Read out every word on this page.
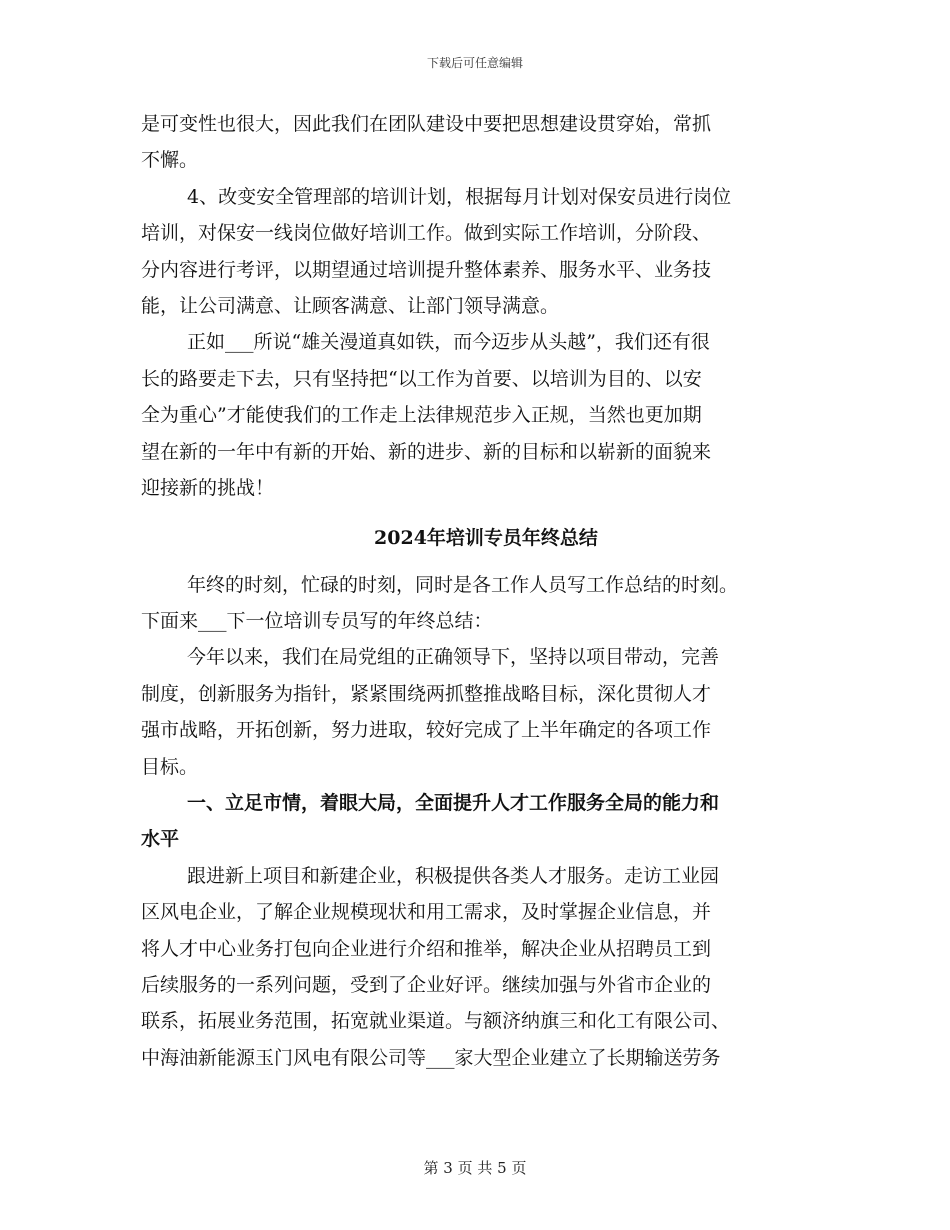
下载后可任意编辑
是可变性也很大，因此我们在团队建设中要把思想建设贯穿始，常抓
不懈。
4、改变安全管理部的培训计划，根据每月计划对保安员进行岗位
培训，对保安一线岗位做好培训工作。做到实际工作培训，分阶段、
分内容进行考评，以期望通过培训提升整体素养、服务水平、业务技
能，让公司满意、让顾客满意、让部门领导满意。
正如___所说“雄关漫道真如铁，而今迈步从头越”，我们还有很
长的路要走下去，只有坚持把“以工作为首要、以培训为目的、以安
全为重心”才能使我们的工作走上法律规范步入正规，当然也更加期
望在新的一年中有新的开始、新的进步、新的目标和以崭新的面貌来
迎接新的挑战！
2024年培训专员年终总结
年终的时刻，忙碌的时刻，同时是各工作人员写工作总结的时刻。
下面来___下一位培训专员写的年终总结：
今年以来，我们在局党组的正确领导下，坚持以项目带动，完善
制度，创新服务为指针，紧紧围绕两抓整推战略目标，深化贯彻人才
强市战略，开拓创新，努力进取，较好完成了上半年确定的各项工作
目标。
一、立足市情，着眼大局，全面提升人才工作服务全局的能力和
水平
跟进新上项目和新建企业，积极提供各类人才服务。走访工业园
区风电企业，了解企业规模现状和用工需求，及时掌握企业信息，并
将人才中心业务打包向企业进行介绍和推举，解决企业从招聘员工到
后续服务的一系列问题，受到了企业好评。继续加强与外省市企业的
联系，拓展业务范围，拓宽就业渠道。与额济纳旗三和化工有限公司、
中海油新能源玉门风电有限公司等___家大型企业建立了长期输送劳务
第 3 页 共 5 页
